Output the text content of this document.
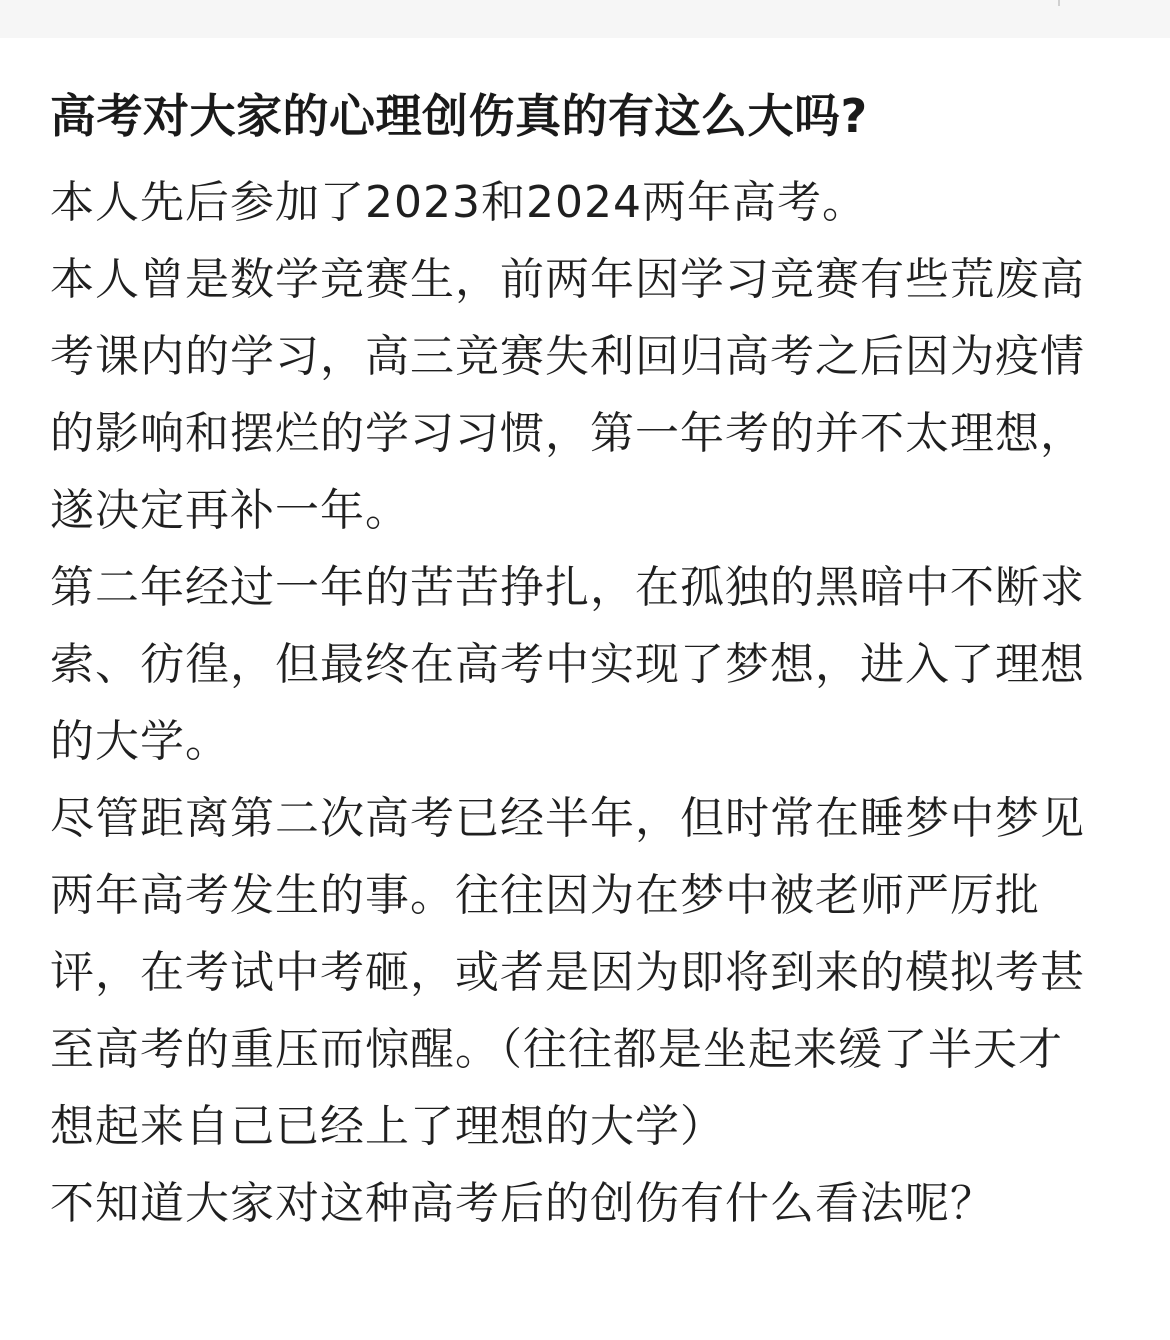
高考对大家的心理创伤真的有这么大吗?

本人先后参加了2023和2024两年高考。

本人曾是数学竞赛生，前两年因学习竞赛有些荒废高考课内的学习，高三竞赛失利回归高考之后因为疫情的影响和摆烂的学习习惯，第一年考的并不太理想，遂决定再补一年。

第二年经过一年的苦苦挣扎，在孤独的黑暗中不断求索、彷徨，但最终在高考中实现了梦想，进入了理想的大学。

尽管距离第二次高考已经半年，但时常在睡梦中梦见两年高考发生的事。往往因为在梦中被老师严厉批评，在考试中考砸，或者是因为即将到来的模拟考甚至高考的重压而惊醒。（往往都是坐起来缓了半天才想起来自己已经上了理想的大学）

不知道大家对这种高考后的创伤有什么看法呢？
